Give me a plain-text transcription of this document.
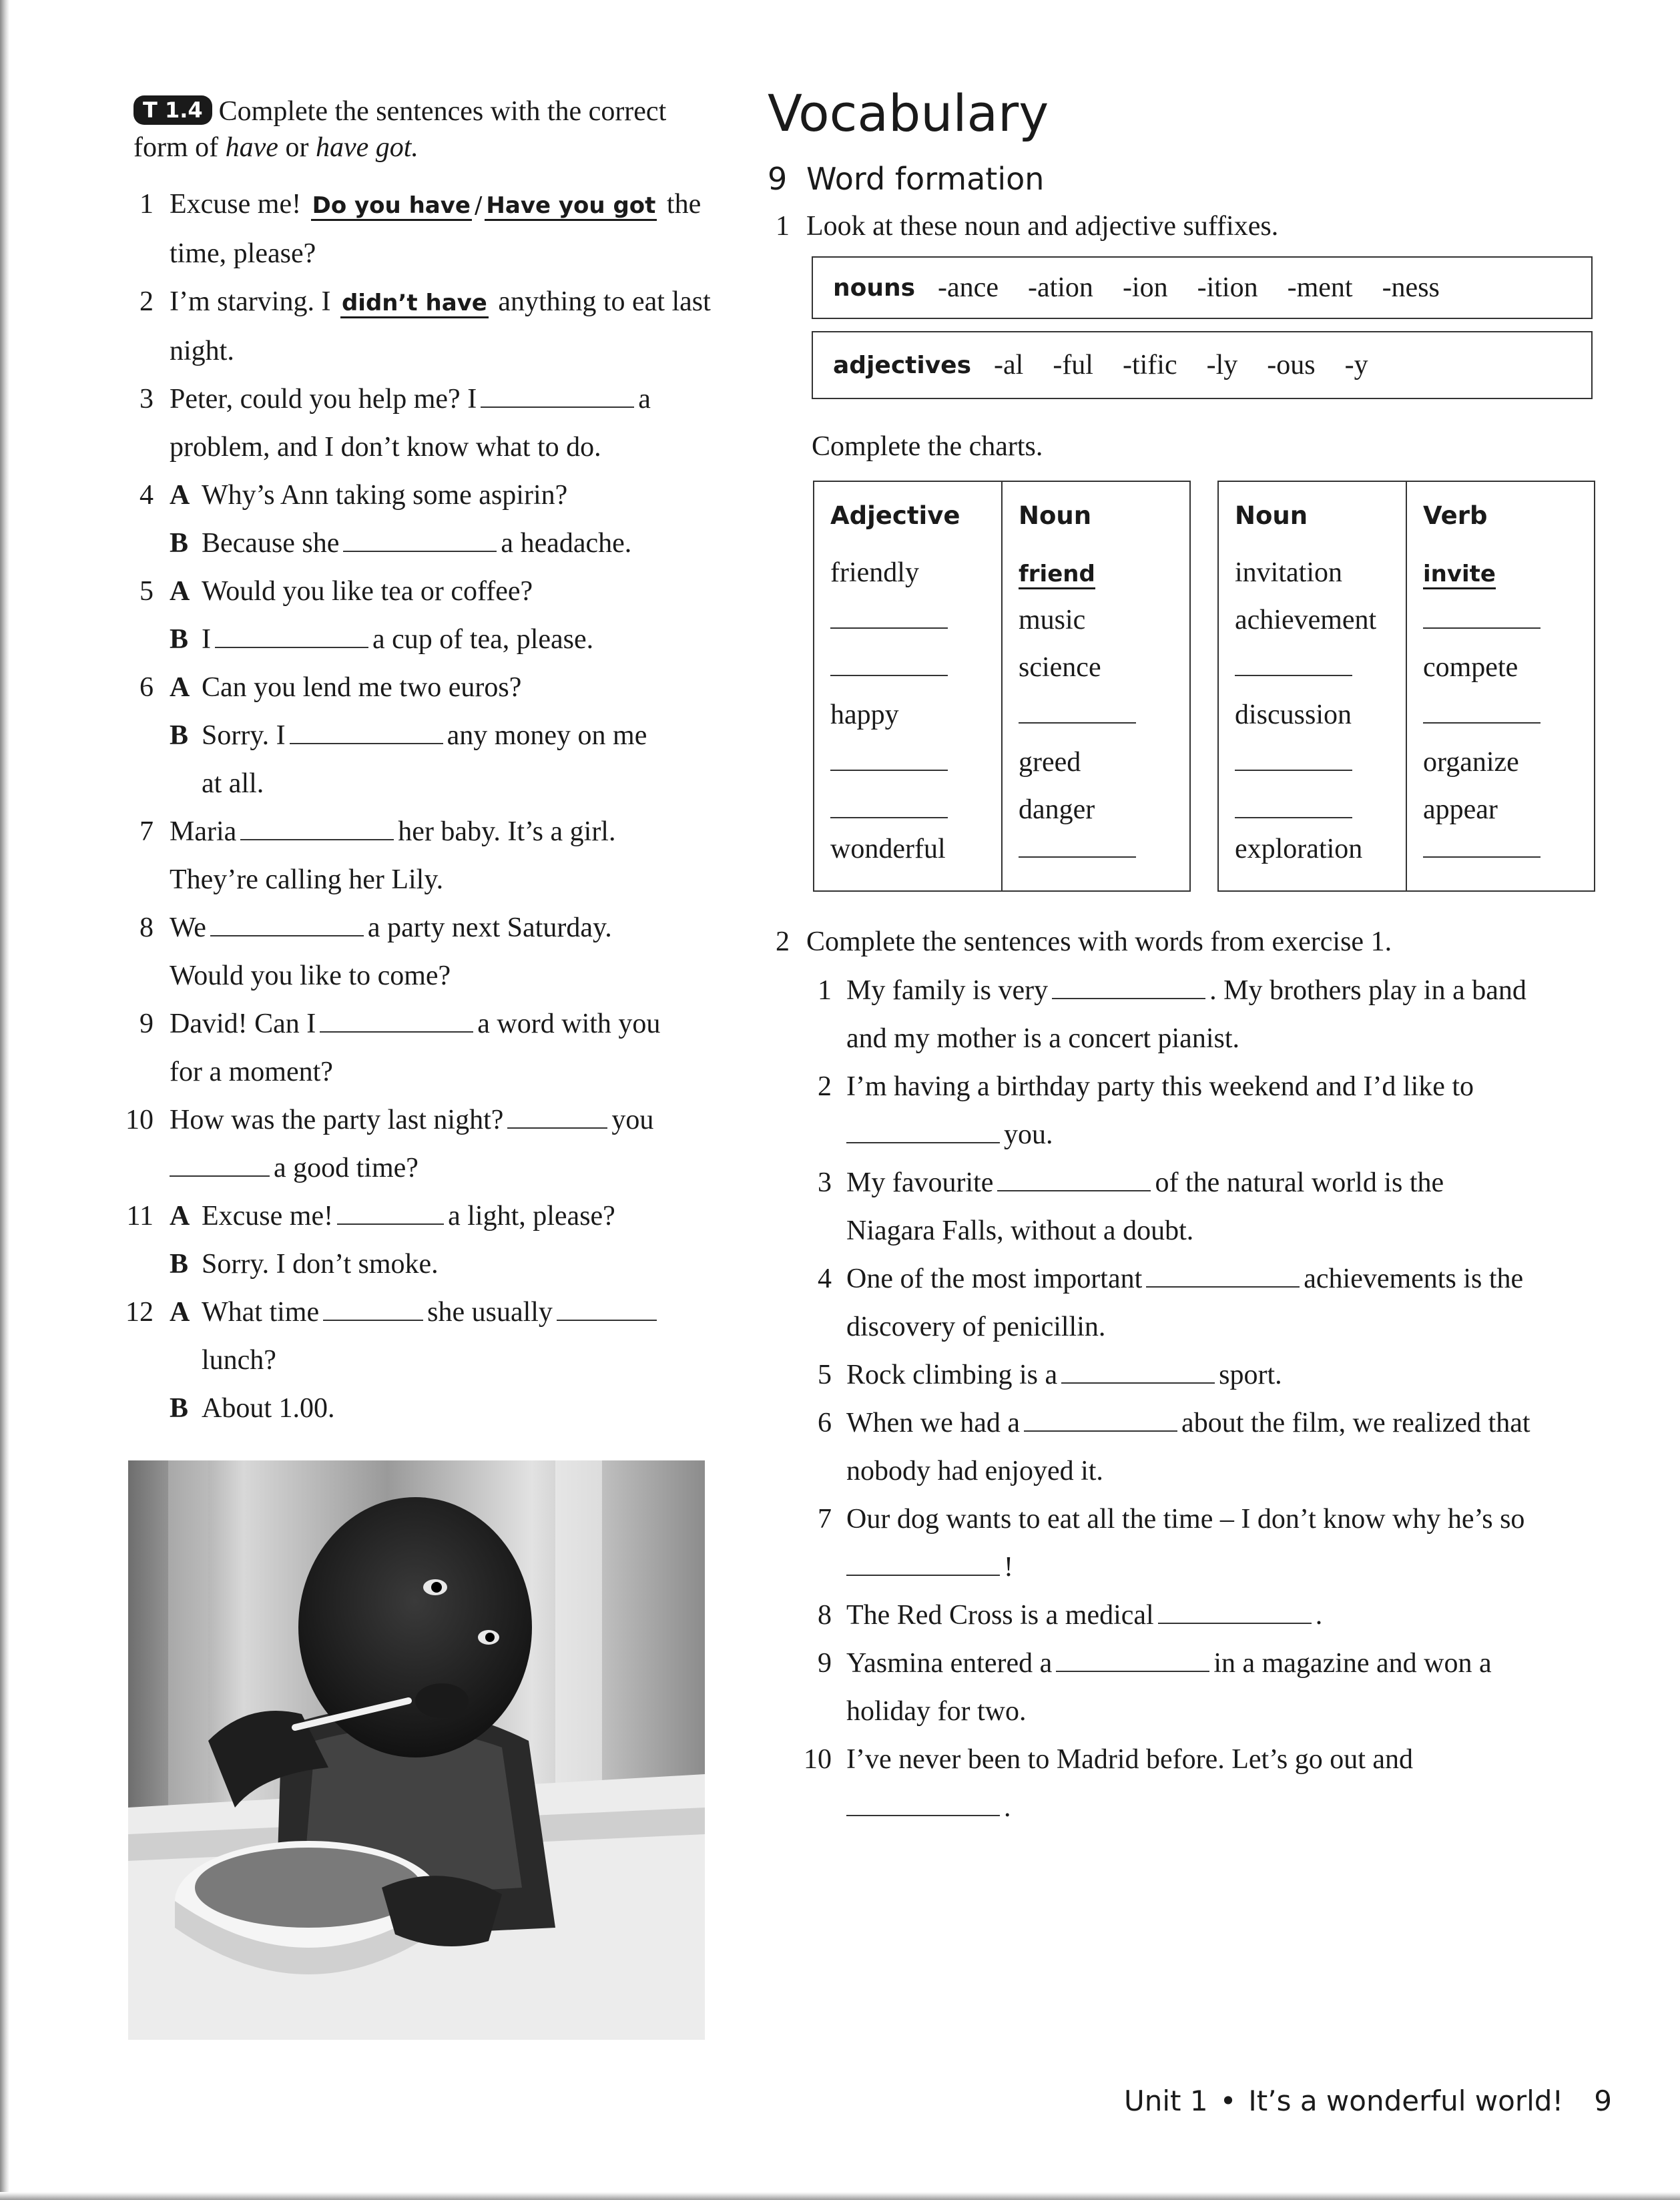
T 1.4 Complete the sentences with the correct form of have or have got.
1 Excuse me! Do you have / Have you got the
time, please?
2 I’m starving. I didn’t have anything to eat last
night.
3 Peter, could you help me? I	a
problem, and I don’t know what to do.
4 A Why’s Ann taking some aspirin?
B Because she	a headache.
5 A Would you like tea or coffee?
B I	a cup of tea, please.
6 A Can you lend me two euros?
B Sorry. I	any money on me
at all.
7 Maria	her baby. It’s a girl.
They’re calling her Lily.
8 We	a party next Saturday.
Would you like to come?
9 David! Can I	a word with you
for a moment?
10 How was the party last night?	you
a good time?
11 A Excuse me!	a light, please?
B Sorry. I don’t smoke.
12 A What time	she usually
lunch?
B About 1.00.
Vocabulary
9 Word formation
1 Look at these noun and adjective suffixes.
nouns -ance -ation -ion -ition -ment -ness
adjectives -al -ful -tific -ly -ous -y
Complete the charts.
Adjective	Noun
friendly	friend
	music
	science
happy	
	greed
	danger
wonderful	
Noun	Verb
invitation	invite
achievement	
	compete
discussion	
	organize
	appear
exploration	
2 Complete the sentences with words from exercise 1.
1 My family is very	. My brothers play in a band
and my mother is a concert pianist.
2 I’m having a birthday party this weekend and I’d like to
you.
3 My favourite	of the natural world is the
Niagara Falls, without a doubt.
4 One of the most important	achievements is the
discovery of penicillin.
5 Rock climbing is a	sport.
6 When we had a	about the film, we realized that
nobody had enjoyed it.
7 Our dog wants to eat all the time – I don’t know why he’s so
!
8 The Red Cross is a medical	.
9 Yasmina entered a	in a magazine and won a
holiday for two.
10 I’ve never been to Madrid before. Let’s go out and
.
Unit 1 • It’s a wonderful world! 9
